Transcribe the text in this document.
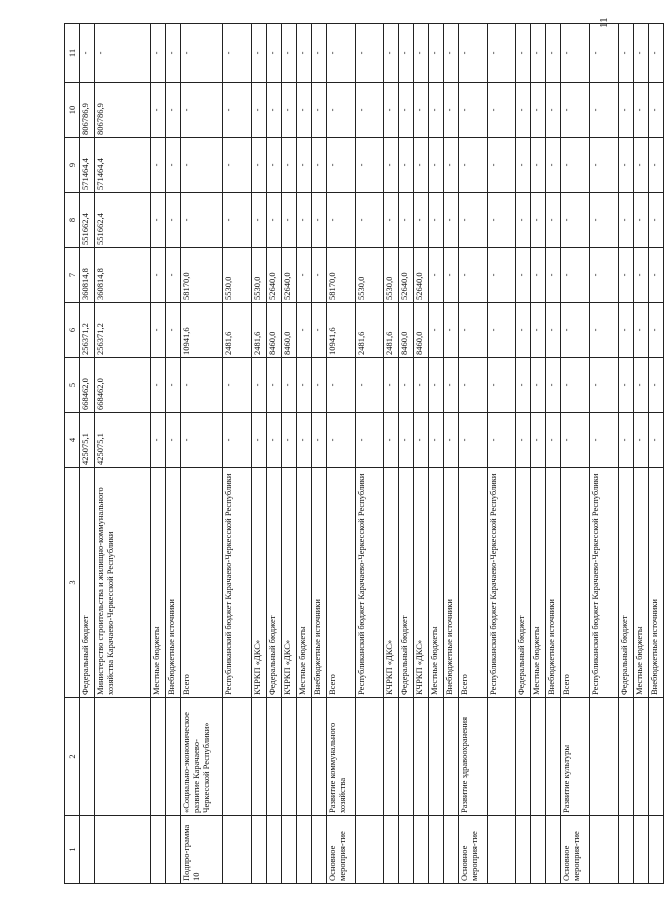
11
1	2	3	4	5	6	7	8	9	10	11
		Федеральный бюджет	425075,1	668462,0	256371,2	360814,8	551662,4	571464,4	806786,9	-
		Министерство строительства и жилищно-коммунального хозяйства Карачаево-Черкесской Республики	425075,1	668462,0	256371,2	360814,8	551662,4	571464,4	806786,9	-
		Местные бюджеты	-	-	-	-	-	-	-	-
		Внебюджетные источники	-	-	-	-	-	-	-	-
Подпро-грамма 10	«Социально-экономическое развитие Карачаево-Черкесской Республики»	Всего	-	-	10941,6	58170,0	-	-	-	-
		Республиканский бюджет Карачаево-Черкесской Республики	-	-	2481,6	5530,0	-	-	-	-
		КЧРКП «ДКС»	-	-	2481,6	5530,0	-	-	-	-
		Федеральный бюджет	-	-	8460,0	52640,0	-	-	-	-
		КЧРКП «ДКС»	-	-	8460,0	52640,0	-	-	-	-
		Местные бюджеты	-	-	-	-	-	-	-	-
		Внебюджетные источники	-	-	-	-	-	-	-	-
Основное мероприя-тие	Развитие коммунального хозяйства	Всего	-	-	10941,6	58170,0	-	-	-	-
		Республиканский бюджет Карачаево-Черкесской Республики	-	-	2481,6	5530,0	-	-	-	-
		КЧРКП «ДКС»	-	-	2481,6	5530,0	-	-	-	-
		Федеральный бюджет	-	-	8460,0	52640,0	-	-	-	-
		КЧРКП «ДКС»	-	-	8460,0	52640,0	-	-	-	-
		Местные бюджеты	-	-	-	-	-	-	-	-
		Внебюджетные источники	-	-	-	-	-	-	-	-
Основное мероприя-тие	Развитие здравоохранения	Всего	-	-	-	-	-	-	-	-
		Республиканский бюджет Карачаево-Черкесской Республики	-	-	-	-	-	-	-	-
		Федеральный бюджет	-	-	-	-	-	-	-	-
		Местные бюджеты	-	-	-	-	-	-	-	-
		Внебюджетные источники	-	-	-	-	-	-	-	-
Основное мероприя-тие	Развитие культуры	Всего	-	-	-	-	-	-	-	-
		Республиканский бюджет Карачаево-Черкесской Республики	-	-	-	-	-	-	-	-
		Федеральный бюджет	-	-	-	-	-	-	-	-
		Местные бюджеты	-	-	-	-	-	-	-	-
		Внебюджетные источники	-	-	-	-	-	-	-	-
